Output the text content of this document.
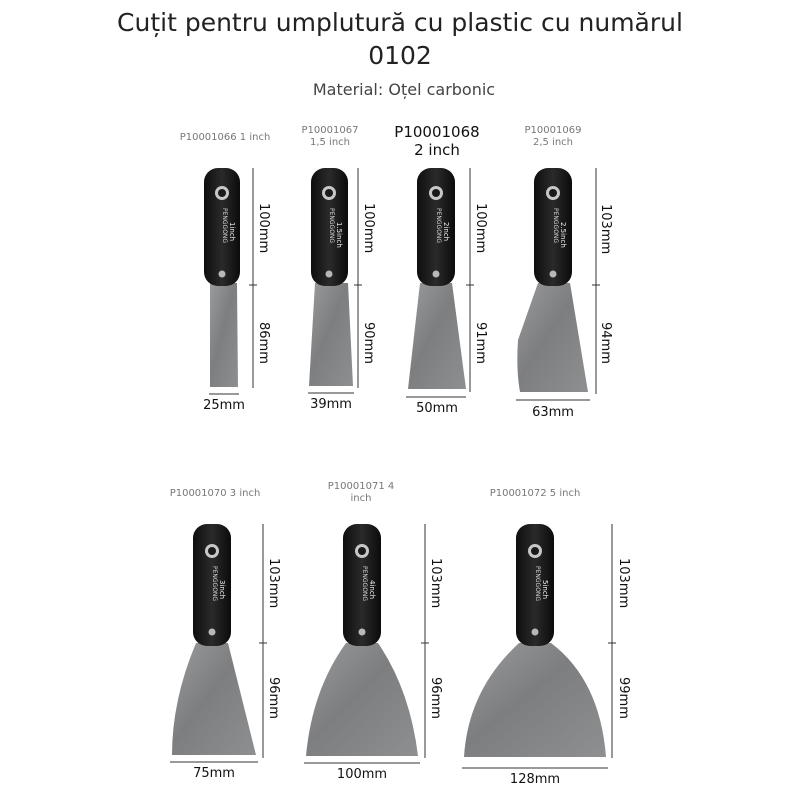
Cuțit pentru umplutură cu plastic cu numărul
0102
Material: Oțel carbonic
PENGGONG 1inch	PENGGONG 1.5inch	PENGGONG 2inch	PENGGONG 2.5inch
PENGGONG 3inch	PENGGONG 4inch	PENGGONG 5inch
P10001066 1 inch
P10001067
1,5 inch
P10001068
2 inch
P10001069
2,5 inch
P10001070 3 inch
P10001071 4
inch	P10001072 5 inch
100mm
86mm
100mm
90mm
100mm
91mm
103mm
94mm
103mm
96mm
103mm
96mm
103mm
99mm
25mm	39mm	50mm	63mm
75mm	100mm	128mm
